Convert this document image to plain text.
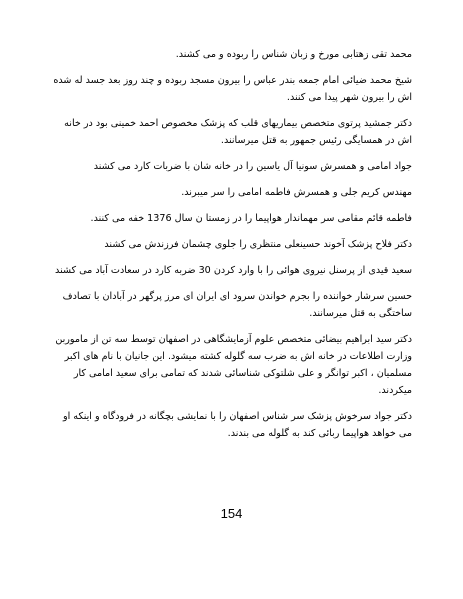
محمد تقی زهتابی مورخ و زبان شناس را ربوده و می کشند.

شیخ محمد ضیائی امام جمعه بندر عباس را بیرون مسجد ربوده و چند روز بعد جسد له شده اش را بیرون شهر پیدا می کنند.

دکتر جمشید پرتوی متخصص بیماریهای قلب که پزشک مخصوص احمد خمینی بود در خانه اش در همسایگی رئیس جمهور به قتل میرسانند.

جواد امامی و همسرش سونیا آل یاسین را در خانه شان با ضربات کارد می کشند

مهندس کریم جلی و همسرش فاطمه امامی را سر میبرند.

فاطمه قائم مقامی سر مهماندار هواپیما را در زمستا ن سال 1376 خفه می کنند.

دکتر فلاح پزشک آخوند حسینعلی منتظری را جلوی چشمان فرزندش می کشند

سعید قیدی از پرسنل نیروی هوائی را با وارد کردن 30 ضربه کارد در سعادت آباد می کشند

حسین سرشار خواننده را بجرم خواندن سرود ای ایران ای مرز پرگهر در آبادان با تصادف ساختگی به قتل میرسانند.

دکتر سید ابراهیم بیضائی متخصص علوم آزمایشگاهی در اصفهان توسط سه تن از ماموربن وزارت اطلاعات در خانه اش به ضرب سه گلوله کشته میشود. این جانیان با نام های اکبر مسلمیان ، اکبر توانگر و علی شلتوکی شناسائی شدند که تمامی برای سعید امامی کار میکردند.

دکتر جواد سرخوش پزشک سر شناس اصفهان را با نمایشی بچگانه در فرودگاه و اینکه او می خواهد هواپیما ربائی کند به گلوله می بندند.

154
